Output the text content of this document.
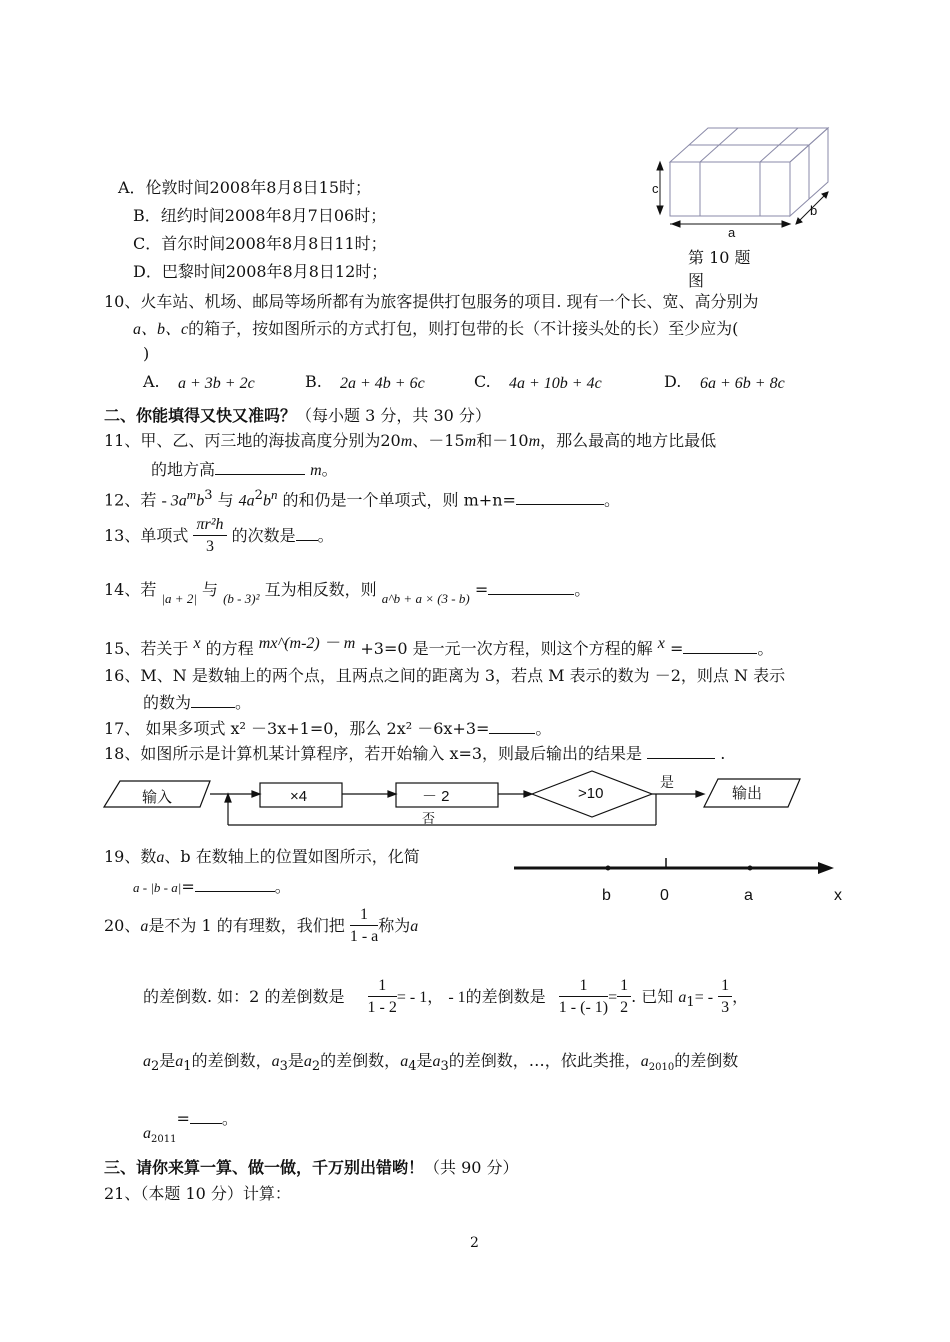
A．伦敦时间2008年8月8日15时；
B．纽约时间2008年8月7日06时；
C．首尔时间2008年8月8日11时；
D．巴黎时间2008年8月8日12时；
c
a
b
第 10 题
图
10、火车站、机场、邮局等场所都有为旅客提供打包服务的项目. 现有一个长、宽、高分别为
a、b、c的箱子，按如图所示的方式打包，则打包带的长（不计接头处的长）至少应为(
)
A. a + 3b + 2c	B. 2a + 4b + 6c	C. 4a + 10b + 4c	D. 6a + 6b + 8c
二、你能填得又快又准吗？（每小题 3 分，共 30 分）
11、甲、乙、丙三地的海拔高度分别为20m、－15m和－10m，那么最高的地方比最低
的地方高	m。
12、若 - $3a^mb^3$ 与 $4a^2b^n$ 的和仍是一个单项式，则 m+n=	。
13、单项式 $\frac{\text{πr²h}}{3}$ 的次数是 。
14、若 $_{|a + 2|}$ 与 $_{(b - 3)^2}$ 互为相反数，则 $_{a\^{}b + a \times (3 - b)}$ =	。
15、若关于 x 的方程 mx^(m-2) － m +3=0 是一元一次方程，则这个方程的解 x =	。
16、M、N 是数轴上的两个点，且两点之间的距离为 3，若点 M 表示的数为 －2，则点 N 表示
的数为	。
17、 如果多项式 x² －3x+1=0，那么 2x² －6x+3=	。
18、如图所示是计算机某计算程序，若开始输入 x=3，则最后输出的结果是	.
输入	×4	－ 2	>10
是
否
输出
19、数a、b 在数轴上的位置如图所示，化简
a - |b - a|=	。	b	0	a	x
20、a是不为 1 的有理数，我们把 $\frac{1}{1 - a}$ 称为a
的差倒数. 如：2 的差倒数是 $\frac{1}{1 - 2}$ = - 1， - 1的差倒数是 $\frac{1}{1 - (- 1)} = \frac{1}{2}$ . 已知 $a_1= - \frac{1}{3}$ ，
$a_2$是$a_1$的差倒数，$a_3$是$a_2$的差倒数，$a_4$是$a_3$的差倒数，…，依此类推，$a_{2010}$的差倒数
$a_{2011}=$ 。
三、请你来算一算、做一做，千万别出错哟！（共 90 分）
21、（本题 10 分）计算：
2
